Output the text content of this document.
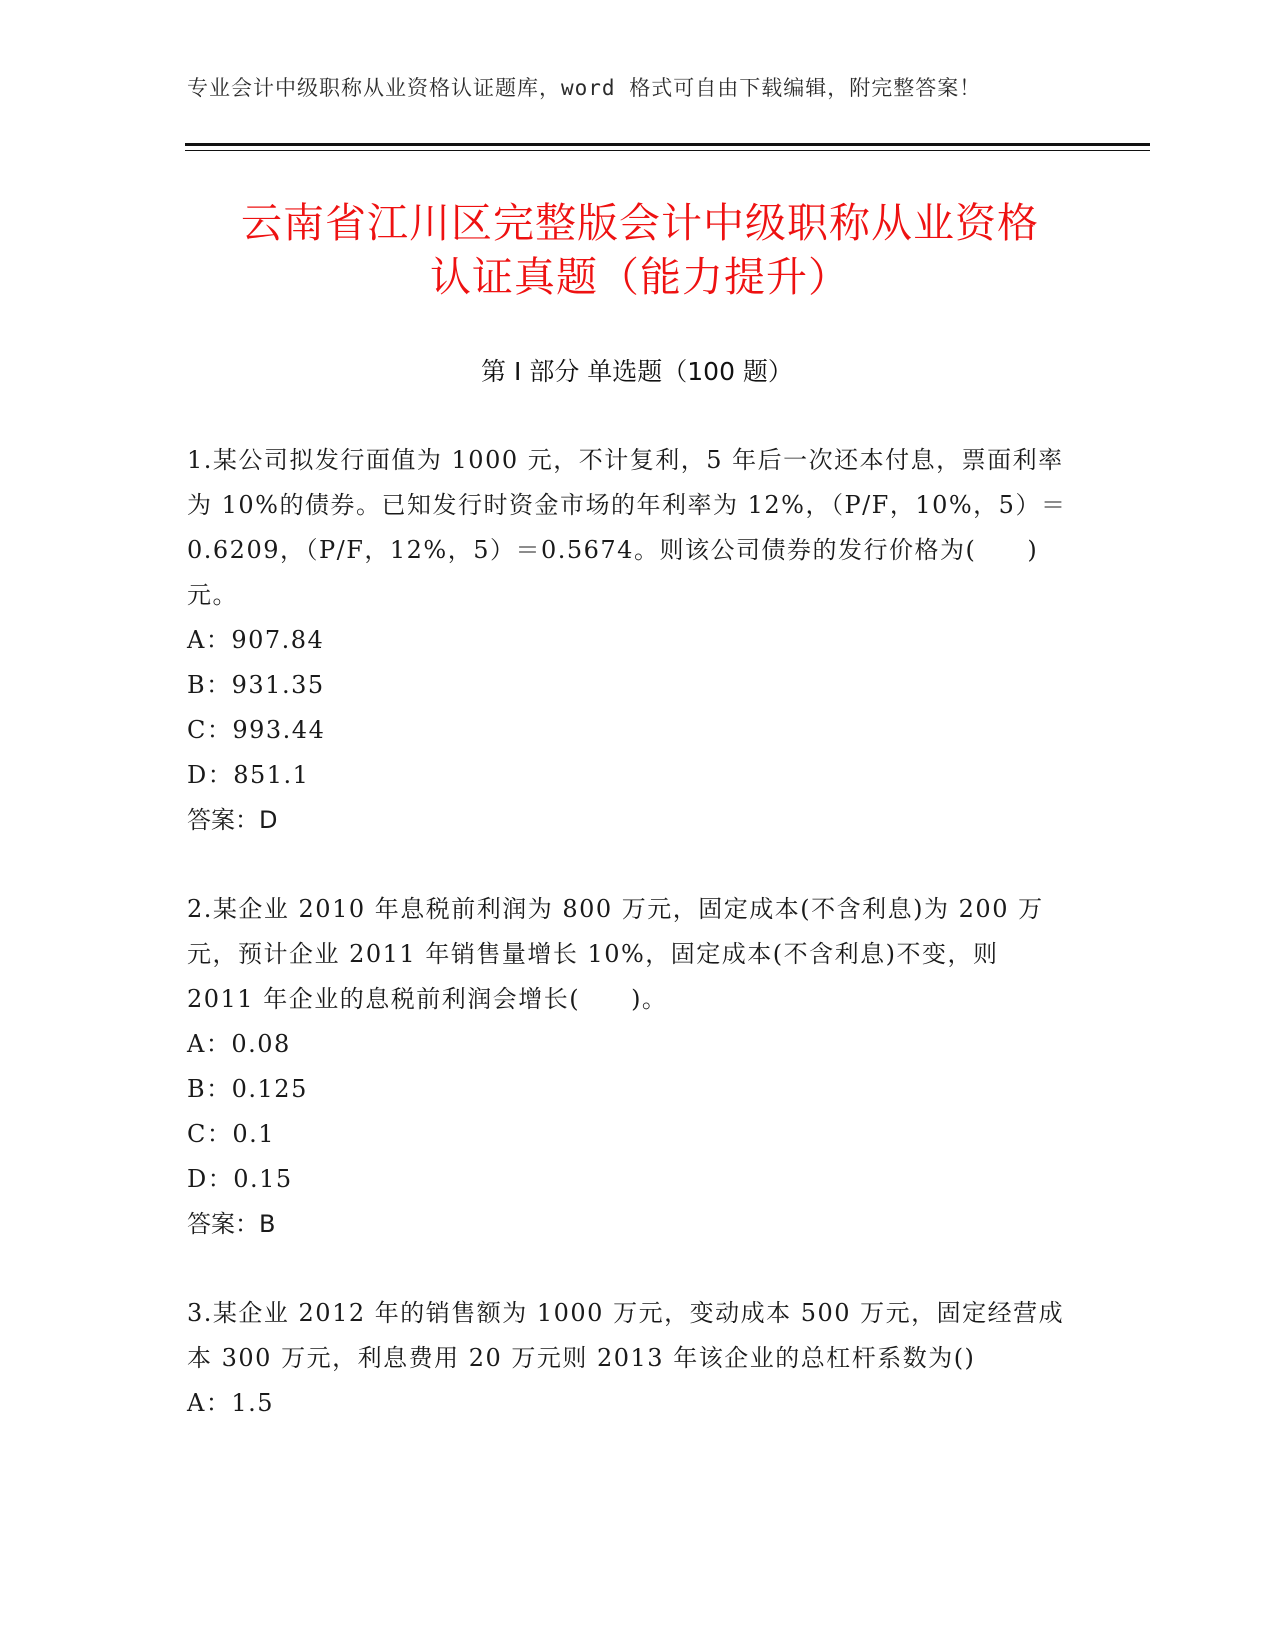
专业会计中级职称从业资格认证题库，word 格式可自由下载编辑，附完整答案！
云南省江川区完整版会计中级职称从业资格
认证真题（能力提升）
第 I 部分 单选题（100 题）

1.某公司拟发行面值为 1000 元，不计复利，5 年后一次还本付息，票面利率为 10%的债券。已知发行时资金市场的年利率为 12%，（P/F，10%，5）＝0.6209，（P/F，12%，5）＝0.5674。则该公司债券的发行价格为(　　)元。

A：907.84

B：931.35

C：993.44

D：851.1

答案：D

2.某企业 2010 年息税前利润为 800 万元，固定成本(不含利息)为 200 万元，预计企业 2011 年销售量增长 10%，固定成本(不含利息)不变，则 2011 年企业的息税前利润会增长(　　)。

A：0.08

B：0.125

C：0.1

D：0.15

答案：B

3.某企业 2012 年的销售额为 1000 万元，变动成本 500 万元，固定经营成本 300 万元，利息费用 20 万元则 2013 年该企业的总杠杆系数为()

A：1.5
